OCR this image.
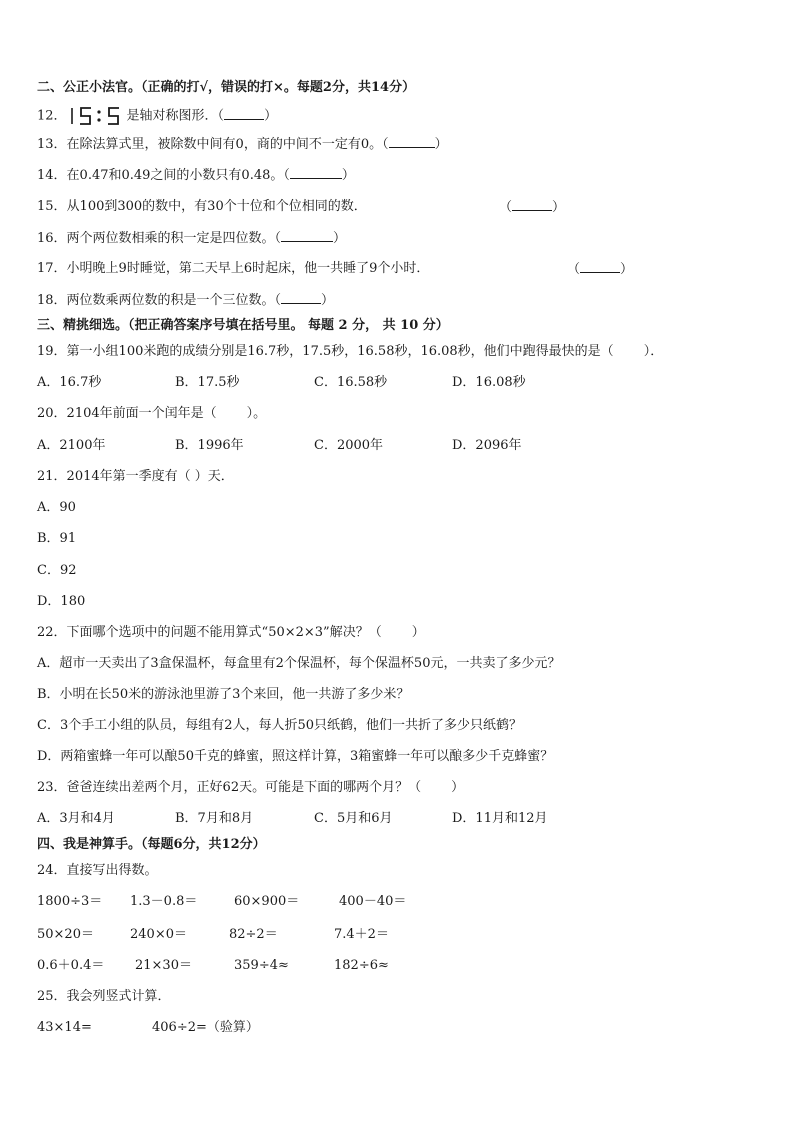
二、公正小法官。（正确的打√，错误的打×。每题2分，共14分）
12．
5:5
是轴对称图形．（	）
13．在除法算式里，被除数中间有0，商的中间不一定有0。（	）
14．在0.47和0.49之间的小数只有0.48。（	）
15．从100到300的数中，有30个十位和个位相同的数．	（	）
16．两个两位数相乘的积一定是四位数。（	）
17．小明晚上9时睡觉，第二天早上6时起床，他一共睡了9个小时．	（	）
18．两位数乘两位数的积是一个三位数。（	）
三、精挑细选。（把正确答案序号填在括号里。 每题 2 分， 共 10 分）
19．第一小组100米跑的成绩分别是16.7秒，17.5秒，16.58秒，16.08秒，他们中跑得最快的是（ ）．
A．16.7秒	B．17.5秒	C．16.58秒	D．16.08秒
20．2104年前面一个闰年是（ ）。
A．2100年	B．1996年	C．2000年	D．2096年
21．2014年第一季度有（ ）天．
A．90
B．91
C．92
D．180
22．下面哪个选项中的问题不能用算式“50×2×3”解决？（ ）
A．超市一天卖出了3盒保温杯，每盒里有2个保温杯，每个保温杯50元，一共卖了多少元？
B．小明在长50米的游泳池里游了3个来回，他一共游了多少米？
C．3个手工小组的队员，每组有2人，每人折50只纸鹤，他们一共折了多少只纸鹤？
D．两箱蜜蜂一年可以酿50千克的蜂蜜，照这样计算，3箱蜜蜂一年可以酿多少千克蜂蜜？
23．爸爸连续出差两个月，正好62天。可能是下面的哪两个月？（ ）
A．3月和4月	B．7月和8月	C．5月和6月	D．11月和12月
四、我是神算手。（每题6分，共12分）
24．直接写出得数。
1800÷3＝ 1.3－0.8＝	60×900＝	400－40＝
50×20＝	240×0＝	82÷2＝	7.4＋2＝
0.6＋0.4＝ 21×30＝	359÷4≈	182÷6≈
25．我会列竖式计算．
43×14=	406÷2=（验算）
